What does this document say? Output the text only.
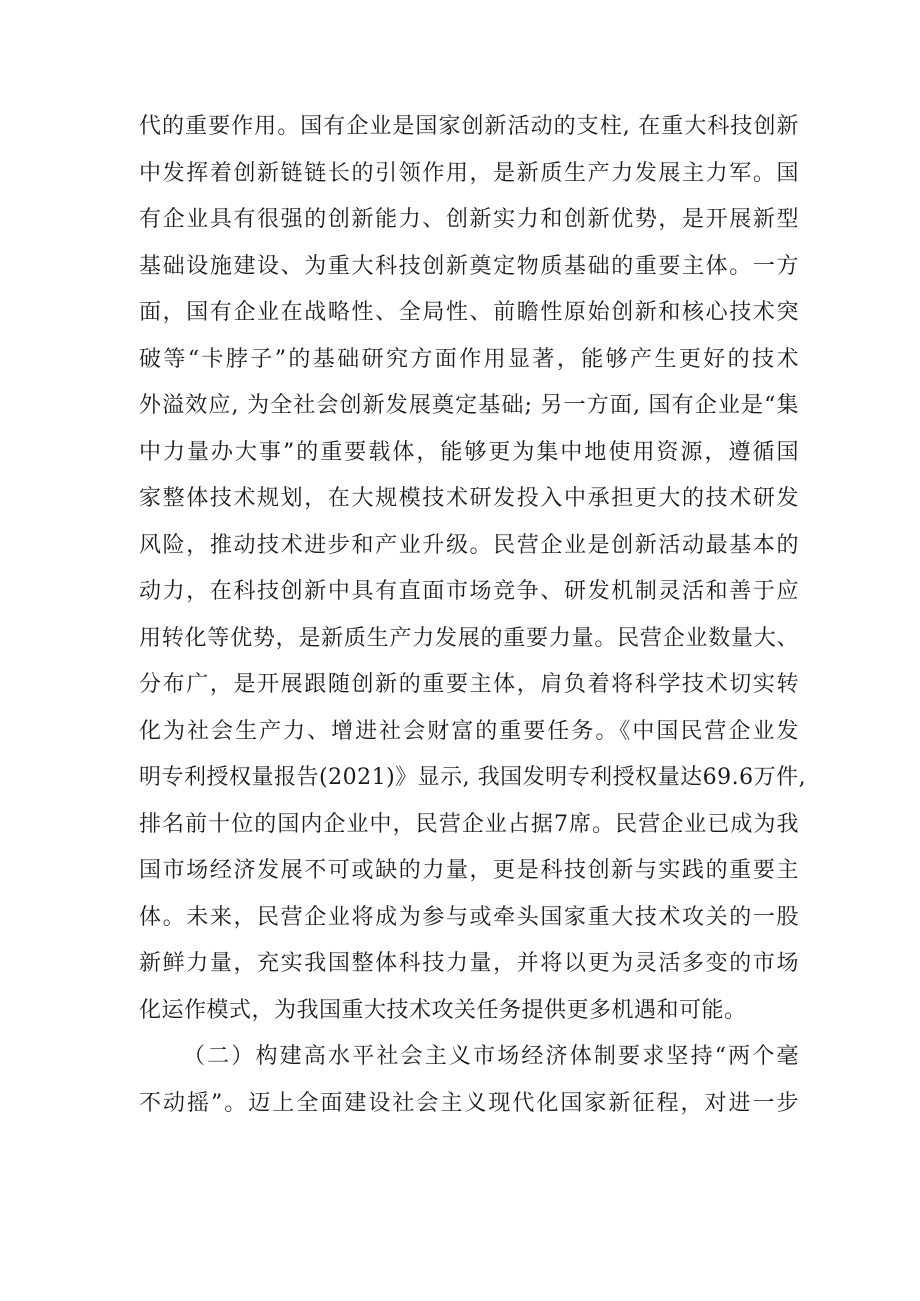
代的重要作用。国有企业是国家创新活动的支柱, 在重大科技创新
中发挥着创新链链长的引领作用，是新质生产力发展主力军。国
有企业具有很强的创新能力、创新实力和创新优势，是开展新型
基础设施建设、为重大科技创新奠定物质基础的重要主体。一方
面，国有企业在战略性、全局性、前瞻性原始创新和核心技术突
破等“卡脖子”的基础研究方面作用显著，能够产生更好的技术
外溢效应, 为全社会创新发展奠定基础; 另一方面, 国有企业是“集
中力量办大事”的重要载体，能够更为集中地使用资源，遵循国
家整体技术规划，在大规模技术研发投入中承担更大的技术研发
风险，推动技术进步和产业升级。民营企业是创新活动最基本的
动力，在科技创新中具有直面市场竞争、研发机制灵活和善于应
用转化等优势，是新质生产力发展的重要力量。民营企业数量大、
分布广，是开展跟随创新的重要主体，肩负着将科学技术切实转
化为社会生产力、增进社会财富的重要任务。《中国民营企业发
明专利授权量报告(2021)》显示, 我国发明专利授权量达69.6万件,
排名前十位的国内企业中，民营企业占据7席。民营企业已成为我
国市场经济发展不可或缺的力量，更是科技创新与实践的重要主
体。未来，民营企业将成为参与或牵头国家重大技术攻关的一股
新鲜力量，充实我国整体科技力量，并将以更为灵活多变的市场
化运作模式，为我国重大技术攻关任务提供更多机遇和可能。
（二）构建高水平社会主义市场经济体制要求坚持“两个毫
不动摇”。迈上全面建设社会主义现代化国家新征程，对进一步
